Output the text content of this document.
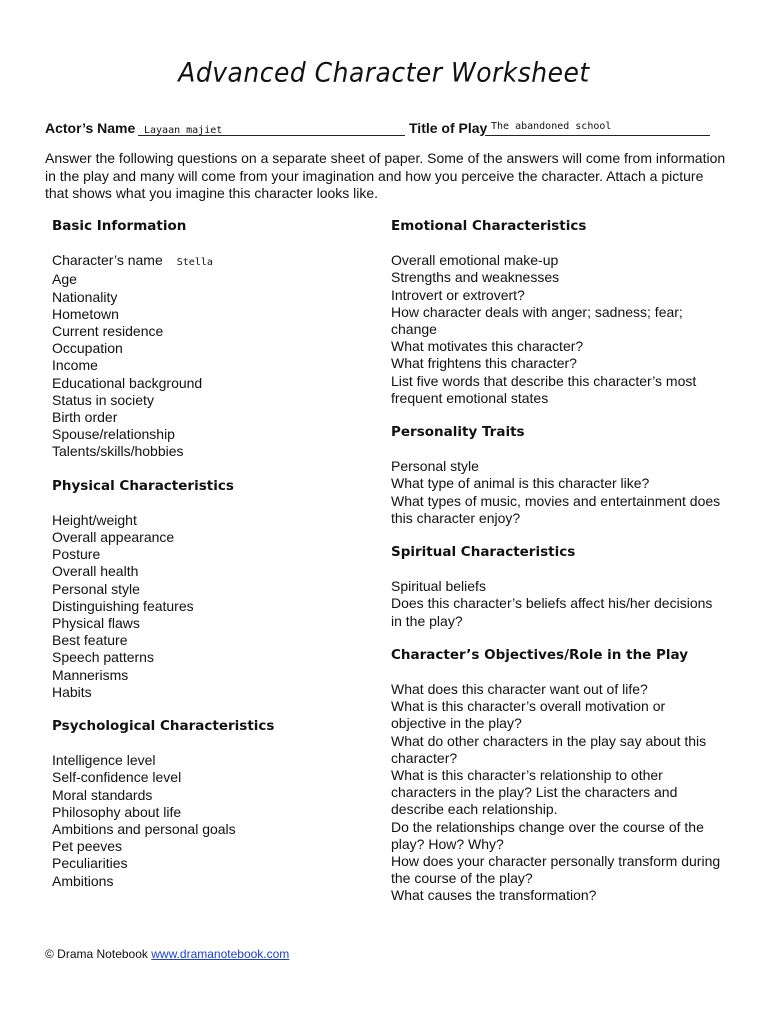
Advanced Character Worksheet
Actor’s Name Layaan majiet	Title of Play The abandoned school
Answer the following questions on a separate sheet of paper. Some of the answers will come from information in the play and many will come from your imagination and how you perceive the character. Attach a picture that shows what you imagine this character looks like.
Basic Information
Character’s name Stella
Age
Nationality
Hometown
Current residence
Occupation
Income
Educational background
Status in society
Birth order
Spouse/relationship
Talents/skills/hobbies
Physical Characteristics
Height/weight
Overall appearance
Posture
Overall health
Personal style
Distinguishing features
Physical flaws
Best feature
Speech patterns
Mannerisms
Habits
Psychological Characteristics
Intelligence level
Self-confidence level
Moral standards
Philosophy about life
Ambitions and personal goals
Pet peeves
Peculiarities
Ambitions
Emotional Characteristics
Overall emotional make-up
Strengths and weaknesses
Introvert or extrovert?
How character deals with anger; sadness; fear; change
What motivates this character?
What frightens this character?
List five words that describe this character’s most frequent emotional states
Personality Traits
Personal style
What type of animal is this character like?
What types of music, movies and entertainment does this character enjoy?
Spiritual Characteristics
Spiritual beliefs
Does this character’s beliefs affect his/her decisions in the play?
Character’s Objectives/Role in the Play
What does this character want out of life?
What is this character’s overall motivation or objective in the play?
What do other characters in the play say about this character?
What is this character’s relationship to other characters in the play? List the characters and describe each relationship.
Do the relationships change over the course of the play? How? Why?
How does your character personally transform during the course of the play?
What causes the transformation?
© Drama Notebook www.dramanotebook.com
